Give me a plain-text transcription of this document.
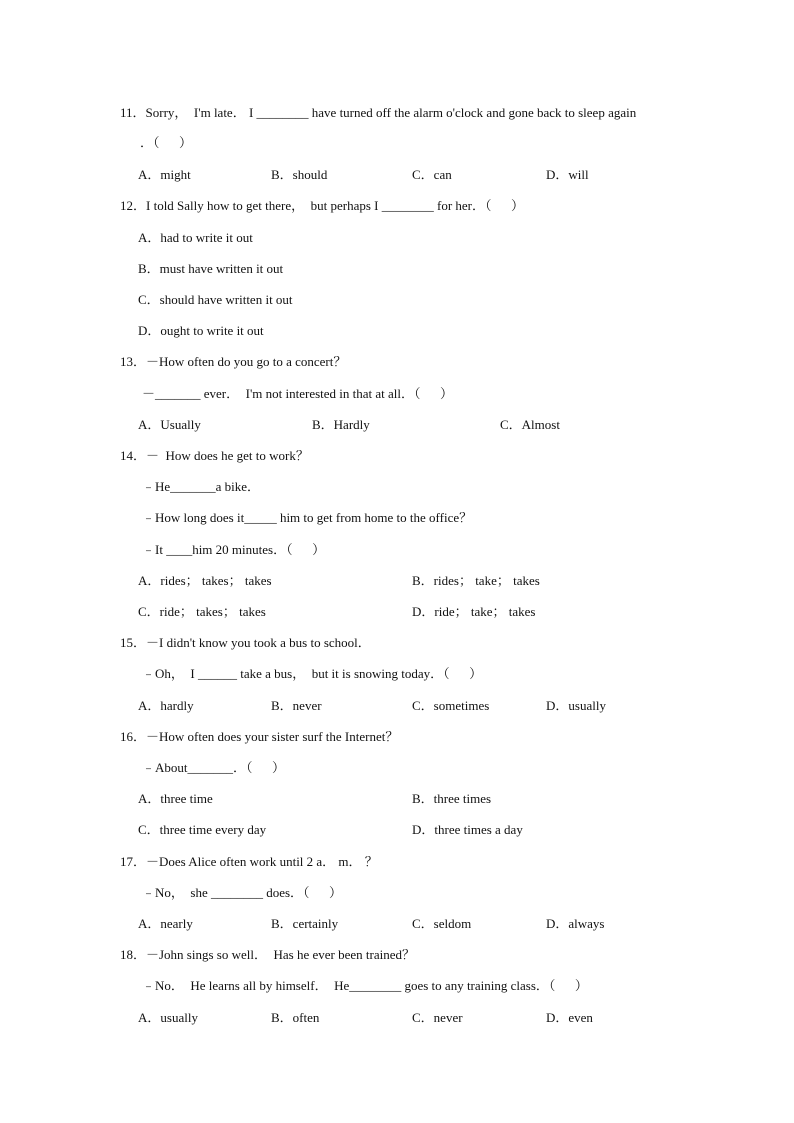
11．Sorry，  I'm late． I ________ have turned off the alarm o'clock and gone back to sleep again
．（      ）
A．might	B．should	C．can	D．will
12．I told Sally how to get there，  but perhaps I ________ for her．（      ）
A．had to write it out
B．must have written it out
C．should have written it out
D．ought to write it out
13．－How often do you go to a concert？
－_______ ever．  I'm not interested in that at all．（      ）
A．Usually	B．Hardly	C．Almost
14．－  How does he get to work？
﹣He_______a bike．
﹣How long does it_____ him to get from home to the office？
﹣It ____him 20 minutes．（      ）
A．rides； takes； takes	B．rides； take； takes
C．ride； takes； takes	D．ride； take； takes
15．－I didn't know you took a bus to school．
﹣Oh，  I ______ take a bus，  but it is snowing today．（      ）
A．hardly	B．never	C．sometimes	D．usually
16．－How often does your sister surf the Internet？
﹣About_______．（      ）
A．three time	B．three times
C．three time every day	D．three times a day
17．－Does Alice often work until 2 a． m． ？
﹣No，  she ________ does．（      ）
A．nearly	B．certainly	C．seldom	D．always
18．－John sings so well．  Has he ever been trained？
﹣No．  He learns all by himself．  He________ goes to any training class．（      ）
A．usually	B．often	C．never	D．even
